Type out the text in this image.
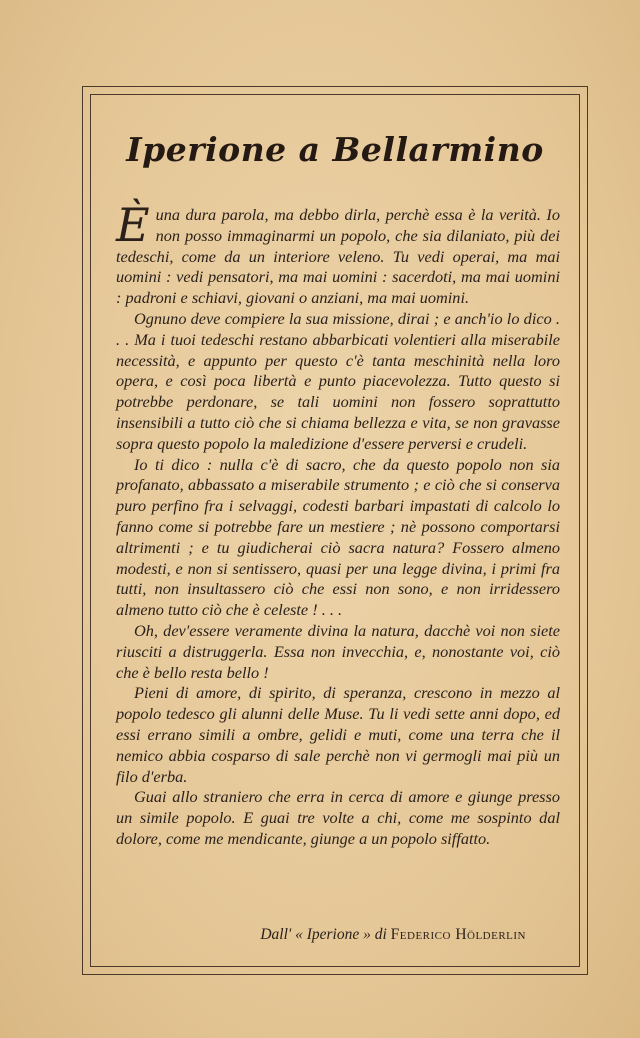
Iperione a Bellarmino

È una dura parola, ma debbo dirla, perchè essa è la verità. Io non posso immaginarmi un popolo, che sia dilaniato, più dei tedeschi, come da un interiore veleno. Tu vedi operai, ma mai uomini : vedi pensatori, ma mai uomini : sacerdoti, ma mai uomini : padroni e schiavi, giovani o anziani, ma mai uomini.

Ognuno deve compiere la sua missione, dirai ; e anch'io lo dico . . . Ma i tuoi tedeschi restano abbarbicati volentieri alla miserabile necessità, e appunto per questo c'è tanta meschinità nella loro opera, e così poca libertà e punto piacevolezza. Tutto questo si potrebbe perdonare, se tali uomini non fossero soprattutto insensibili a tutto ciò che si chiama bellezza e vita, se non gravasse sopra questo popolo la maledizione d'essere perversi e crudeli.

Io ti dico : nulla c'è di sacro, che da questo popolo non sia profanato, abbassato a miserabile strumento ; e ciò che si conserva puro perfino fra i selvaggi, codesti barbari impastati di calcolo lo fanno come si potrebbe fare un mestiere ; nè possono comportarsi altrimenti ; e tu giudicherai ciò sacra natura? Fossero almeno modesti, e non si sentissero, quasi per una legge divina, i primi fra tutti, non insultassero ciò che essi non sono, e non irridessero almeno tutto ciò che è celeste ! . . .

Oh, dev'essere veramente divina la natura, dacchè voi non siete riusciti a distruggerla. Essa non invecchia, e, nonostante voi, ciò che è bello resta bello !

Pieni di amore, di spirito, di speranza, crescono in mezzo al popolo tedesco gli alunni delle Muse. Tu li vedi sette anni dopo, ed essi errano simili a ombre, gelidi e muti, come una terra che il nemico abbia cosparso di sale perchè non vi germogli mai più un filo d'erba.

Guai allo straniero che erra in cerca di amore e giunge presso un simile popolo. E guai tre volte a chi, come me sospinto dal dolore, come me mendicante, giunge a un popolo siffatto.

Dall' « Iperione » di Federico Hölderlin
